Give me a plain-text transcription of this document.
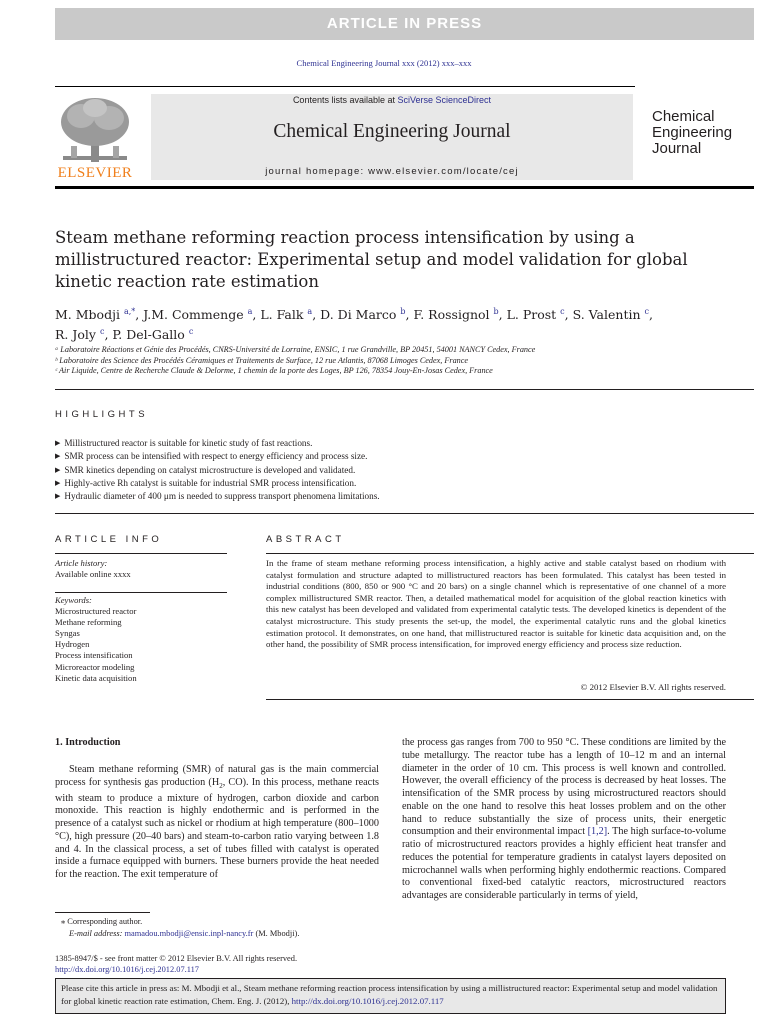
ARTICLE IN PRESS
Chemical Engineering Journal xxx (2012) xxx–xxx
ELSEVIER
Contents lists available at SciVerse ScienceDirect
Chemical Engineering Journal
journal homepage: www.elsevier.com/locate/cej
Chemical
Engineering
Journal
Steam methane reforming reaction process intensification by using a millistructured reactor: Experimental setup and model validation for global kinetic reaction rate estimation
M. Mbodji $^{a,*}$, J.M. Commenge $^a$, L. Falk $^a$, D. Di Marco $^b$, F. Rossignol $^b$, L. Prost $^c$, S. Valentin $^c$,
R. Joly $^c$, P. Del-Gallo $^c$
ᵃ Laboratoire Réactions et Génie des Procédés, CNRS-Université de Lorraine, ENSIC, 1 rue Grandville, BP 20451, 54001 NANCY Cedex, France
ᵇ Laboratoire des Science des Procédés Céramiques et Traitements de Surface, 12 rue Atlantis, 87068 Limoges Cedex, France
ᶜ Air Liquide, Centre de Recherche Claude & Delorme, 1 chemin de la porte des Loges, BP 126, 78354 Jouy-En-Josas Cedex, France
HIGHLIGHTS
▶ Millistructured reactor is suitable for kinetic study of fast reactions.
▶ SMR process can be intensified with respect to energy efficiency and process size.
▶ SMR kinetics depending on catalyst microstructure is developed and validated.
▶ Highly-active Rh catalyst is suitable for industrial SMR process intensification.
▶ Hydraulic diameter of 400 μm is needed to suppress transport phenomena limitations.
ARTICLE INFO
Article history:
Available online xxxx
Keywords:
Microstructured reactor
Methane reforming
Syngas
Hydrogen
Process intensification
Microreactor modeling
Kinetic data acquisition
ABSTRACT
In the frame of steam methane reforming process intensification, a highly active and stable catalyst based on rhodium with catalyst formulation and structure adapted to millistructured reactors has been formulated. This catalyst has been tested in industrial conditions (800, 850 or 900 °C and 20 bars) on a single channel which is representative of one channel of a more complex millistructured SMR reactor. Then, a detailed mathematical model for acquisition of the global reaction kinetics with this new catalyst has been developed and validated from experimental catalytic tests. The developed kinetics is dependent of the catalyst microstructure. This study presents the set-up, the model, the experimental catalytic runs and the global kinetics estimation protocol. It demonstrates, on one hand, that millistructured reactor is suitable for kinetic data acquisition and, on the other hand, the possibility of SMR process intensification, for improved energy efficiency and process size reduction.
© 2012 Elsevier B.V. All rights reserved.
1. Introduction
Steam methane reforming (SMR) of natural gas is the main commercial process for synthesis gas production ($H_2$, CO). In this process, methane reacts with steam to produce a mixture of hydrogen, carbon dioxide and carbon monoxide. This reaction is highly endothermic and is performed in the presence of a catalyst such as nickel or rhodium at high temperature (800–1000 °C), high pressure (20–40 bars) and steam-to-carbon ratio varying between 1.8 and 4. In the classical process, a set of tubes filled with catalyst is operated inside a furnace equipped with burners. These burners provide the heat needed for the reaction. The exit temperature of
the process gas ranges from 700 to 950 °C. These conditions are limited by the tube metallurgy. The reactor tube has a length of 10–12 m and an internal diameter in the order of 10 cm. This process is well known and controlled. However, the overall efficiency of the process is decreased by heat losses. The intensification of the SMR process by using microstructured reactors should enable on the one hand to resolve this heat losses problem and on the other hand to reduce substantially the size of process units, their energetic consumption and their environmental impact [1,2]. The high surface-to-volume ratio of microstructured reactors provides a highly efficient heat transfer and reduces the potential for temperature gradients in catalyst layers deposited on microchannel walls when performing highly endothermic reactions. Compared to conventional fixed-bed catalytic reactors, microstructured reactors advantages are considerable particularly in terms of yield,
⁎ Corresponding author.
E-mail address: mamadou.mbodji@ensic.inpl-nancy.fr (M. Mbodji).
1385-8947/$ - see front matter © 2012 Elsevier B.V. All rights reserved.
http://dx.doi.org/10.1016/j.cej.2012.07.117
Please cite this article in press as: M. Mbodji et al., Steam methane reforming reaction process intensification by using a millistructured reactor: Experimental setup and model validation for global kinetic reaction rate estimation, Chem. Eng. J. (2012), http://dx.doi.org/10.1016/j.cej.2012.07.117
